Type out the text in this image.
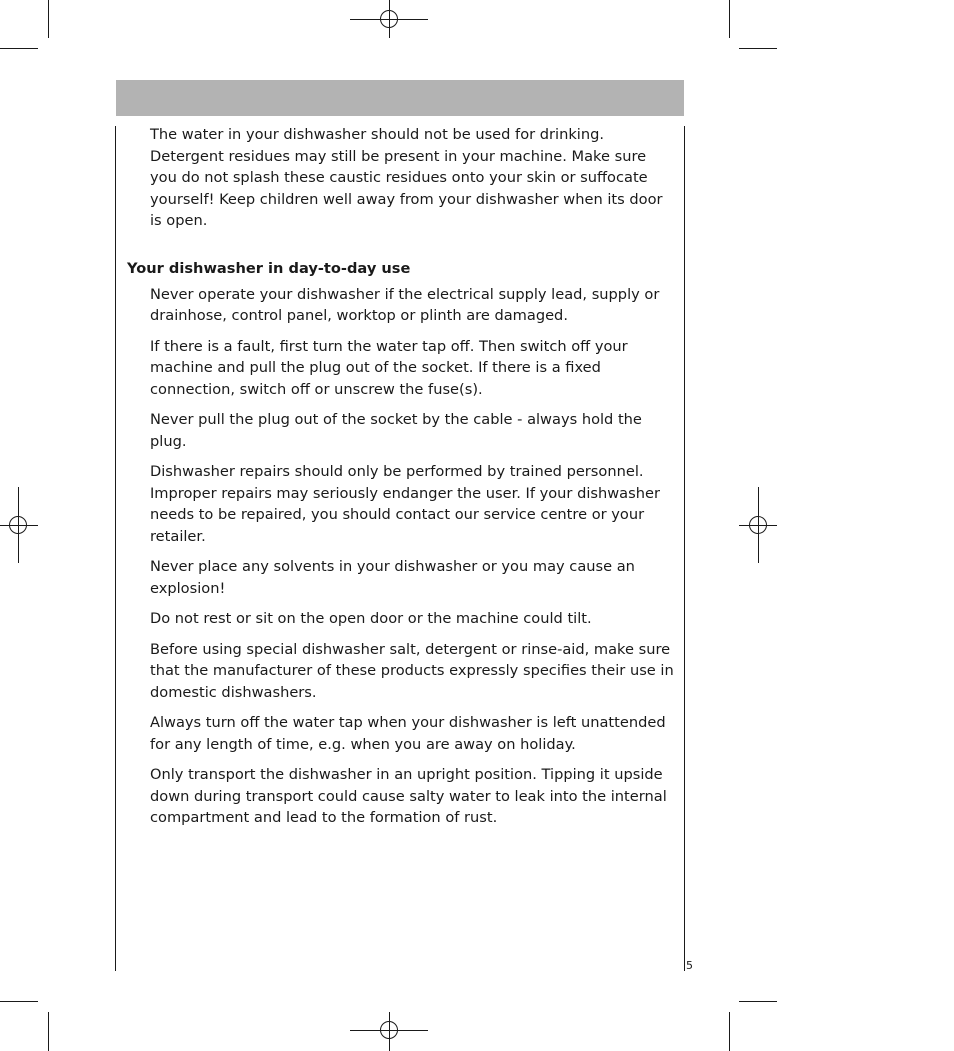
The water in your dishwasher should not be used for drinking. Detergent residues may still be present in your machine. Make sure you do not splash these caustic residues onto your skin or suffocate yourself! Keep children well away from your dishwasher when its door is open.

Your dishwasher in day-to-day use

Never operate your dishwasher if the electrical supply lead, supply or drainhose, control panel, worktop or plinth are damaged.

If there is a fault, first turn the water tap off. Then switch off your machine and pull the plug out of the socket. If there is a fixed connection, switch off or unscrew the fuse(s).

Never pull the plug out of the socket by the cable - always hold the plug.

Dishwasher repairs should only be performed by trained personnel. Improper repairs may seriously endanger the user. If your dishwasher needs to be repaired, you should contact our service centre or your retailer.

Never place any solvents in your dishwasher or you may cause an explosion!

Do not rest or sit on the open door or the machine could tilt.

Before using special dishwasher salt, detergent or rinse-aid, make sure that the manufacturer of these products expressly specifies their use in domestic dishwashers.

Always turn off the water tap when your dishwasher is left unattended for any length of time, e.g. when you are away on holiday.

Only transport the dishwasher in an upright position. Tipping it upside down during transport could cause salty water to leak into the internal compartment and lead to the formation of rust.

5
